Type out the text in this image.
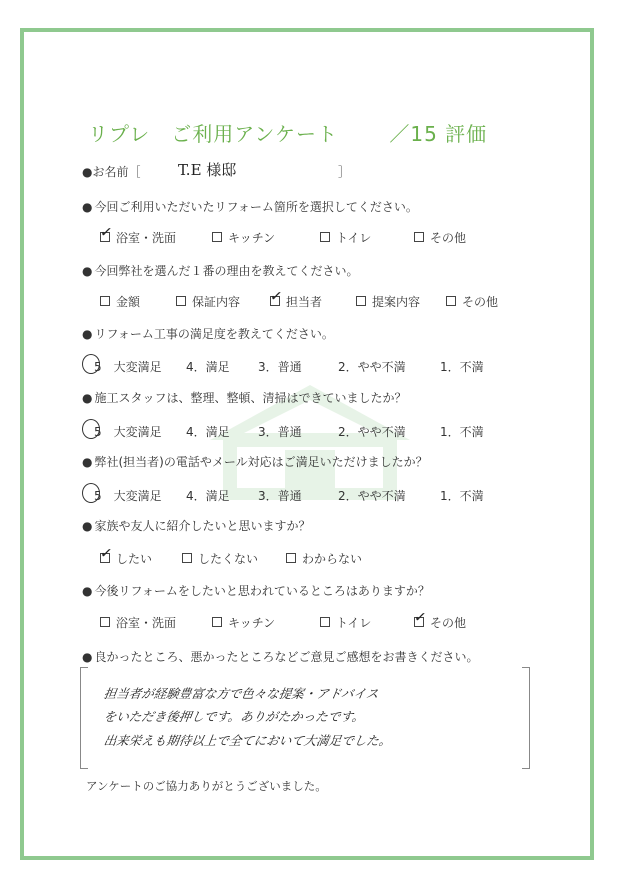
リプレ　ご利用アンケート	／15 評価
●お名前［	T.E 様邸	］
● 今回ご利用いただいたリフォーム箇所を選択してください。
✓ 浴室・洗面	キッチン	トイレ	その他
● 今回弊社を選んだ１番の理由を教えてください。
金額	保証内容 ✓ 担当者	提案内容	その他
● リフォーム工事の満足度を教えてください。
5　大変満足 4．満足 3．普通	2．やや不満	1．不満
● 施工スタッフは、整理、整頓、清掃はできていましたか？
5　大変満足 4．満足 3．普通	2．やや不満	1．不満
● 弊社(担当者)の電話やメール対応はご満足いただけましたか？
5　大変満足 4．満足 3．普通	2．やや不満	1．不満
● 家族や友人に紹介したいと思いますか？
✓ したい	したくない	わからない
● 今後リフォームをしたいと思われているところはありますか？
浴室・洗面	キッチン	トイレ	✓ その他
● 良かったところ、悪かったところなどご意見ご感想をお書きください。
担当者が経験豊富な方で色々な提案・アドバイス
をいただき後押しです。ありがたかったです。
出来栄えも期待以上で全てにおいて大満足でした。
アンケートのご協力ありがとうございました。
